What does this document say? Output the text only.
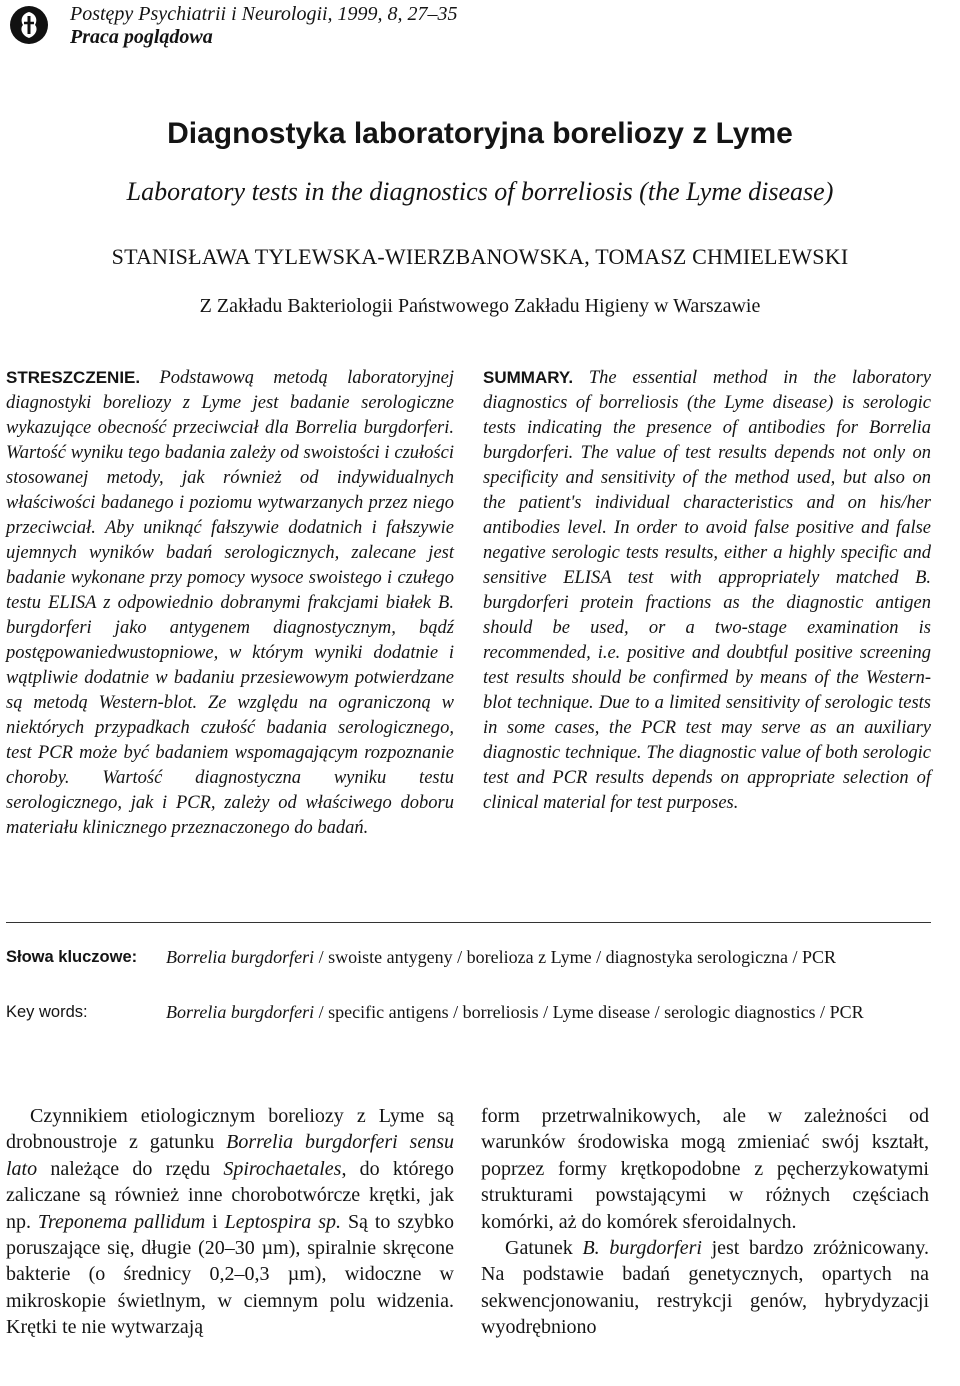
Postępy Psychiatrii i Neurologii, 1999, 8, 27–35
Praca poglądowa
Diagnostyka laboratoryjna boreliozy z Lyme
Laboratory tests in the diagnostics of borreliosis (the Lyme disease)
STANISŁAWA TYLEWSKA-WIERZBANOWSKA, TOMASZ CHMIELEWSKI
Z Zakładu Bakteriologii Państwowego Zakładu Higieny w Warszawie
STRESZCZENIE. Podstawową metodą laboratoryjnej diagnostyki boreliozy z Lyme jest badanie serologiczne wykazujące obecność przeciwciał dla Borrelia burgdorferi. Wartość wyniku tego badania zależy od swoistości i czułości stosowanej metody, jak również od indywidualnych właściwości badanego i poziomu wytwarzanych przez niego przeciwciał. Aby uniknąć fałszywie dodatnich i fałszywie ujemnych wyników badań serologicznych, zalecane jest badanie wykonane przy pomocy wysoce swoistego i czułego testu ELISA z odpowiednio dobranymi frakcjami białek B. burgdorferi jako antygenem diagnostycznym, bądź postępowaniedwustopniowe, w którym wyniki dodatnie i wątpliwie dodatnie w badaniu przesiewowym potwierdzane są metodą Western-blot. Ze względu na ograniczoną w niektórych przypadkach czułość badania serologicznego, test PCR może być badaniem wspomagającym rozpoznanie choroby. Wartość diagnostyczna wyniku testu serologicznego, jak i PCR, zależy od właściwego doboru materiału klinicznego przeznaczonego do badań.
SUMMARY. The essential method in the laboratory diagnostics of borreliosis (the Lyme disease) is serologic tests indicating the presence of antibodies for Borrelia burgdorferi. The value of test results depends not only on specificity and sensitivity of the method used, but also on the patient's individual characteristics and on his/her antibodies level. In order to avoid false positive and false negative serologic tests results, either a highly specific and sensitive ELISA test with appropriately matched B. burgdorferi protein fractions as the diagnostic antigen should be used, or a two-stage examination is recommended, i.e. positive and doubtful positive screening test results should be confirmed by means of the Western-blot technique. Due to a limited sensitivity of serologic tests in some cases, the PCR test may serve as an auxiliary diagnostic technique. The diagnostic value of both serologic test and PCR results depends on appropriate selection of clinical material for test purposes.
Słowa kluczowe: Borrelia burgdorferi / swoiste antygeny / borelioza z Lyme / diagnostyka serologiczna / PCR
Key words:	Borrelia burgdorferi / specific antigens / borreliosis / Lyme disease / serologic diagnostics / PCR
Czynnikiem etiologicznym boreliozy z Lyme są drobnoustroje z gatunku Borrelia burgdorferi sensu lato należące do rzędu Spirochaetales, do którego zaliczane są również inne chorobotwórcze krętki, jak np. Treponema pallidum i Leptospira sp. Są to szybko poruszające się, długie (20–30 µm), spiralnie skręcone bakterie (o średnicy 0,2–0,3 µm), widoczne w mikroskopie świetlnym, w ciemnym polu widzenia. Krętki te nie wytwarzają

form przetrwalnikowych, ale w zależności od warunków środowiska mogą zmieniać swój kształt, poprzez formy krętkopodobne z pęcherzykowatymi strukturami powstającymi w różnych częściach komórki, aż do komórek sferoidalnych.

Gatunek B. burgdorferi jest bardzo zróżnicowany. Na podstawie badań genetycznych, opartych na sekwencjonowaniu, restrykcji genów, hybrydyzacji wyodrębniono
